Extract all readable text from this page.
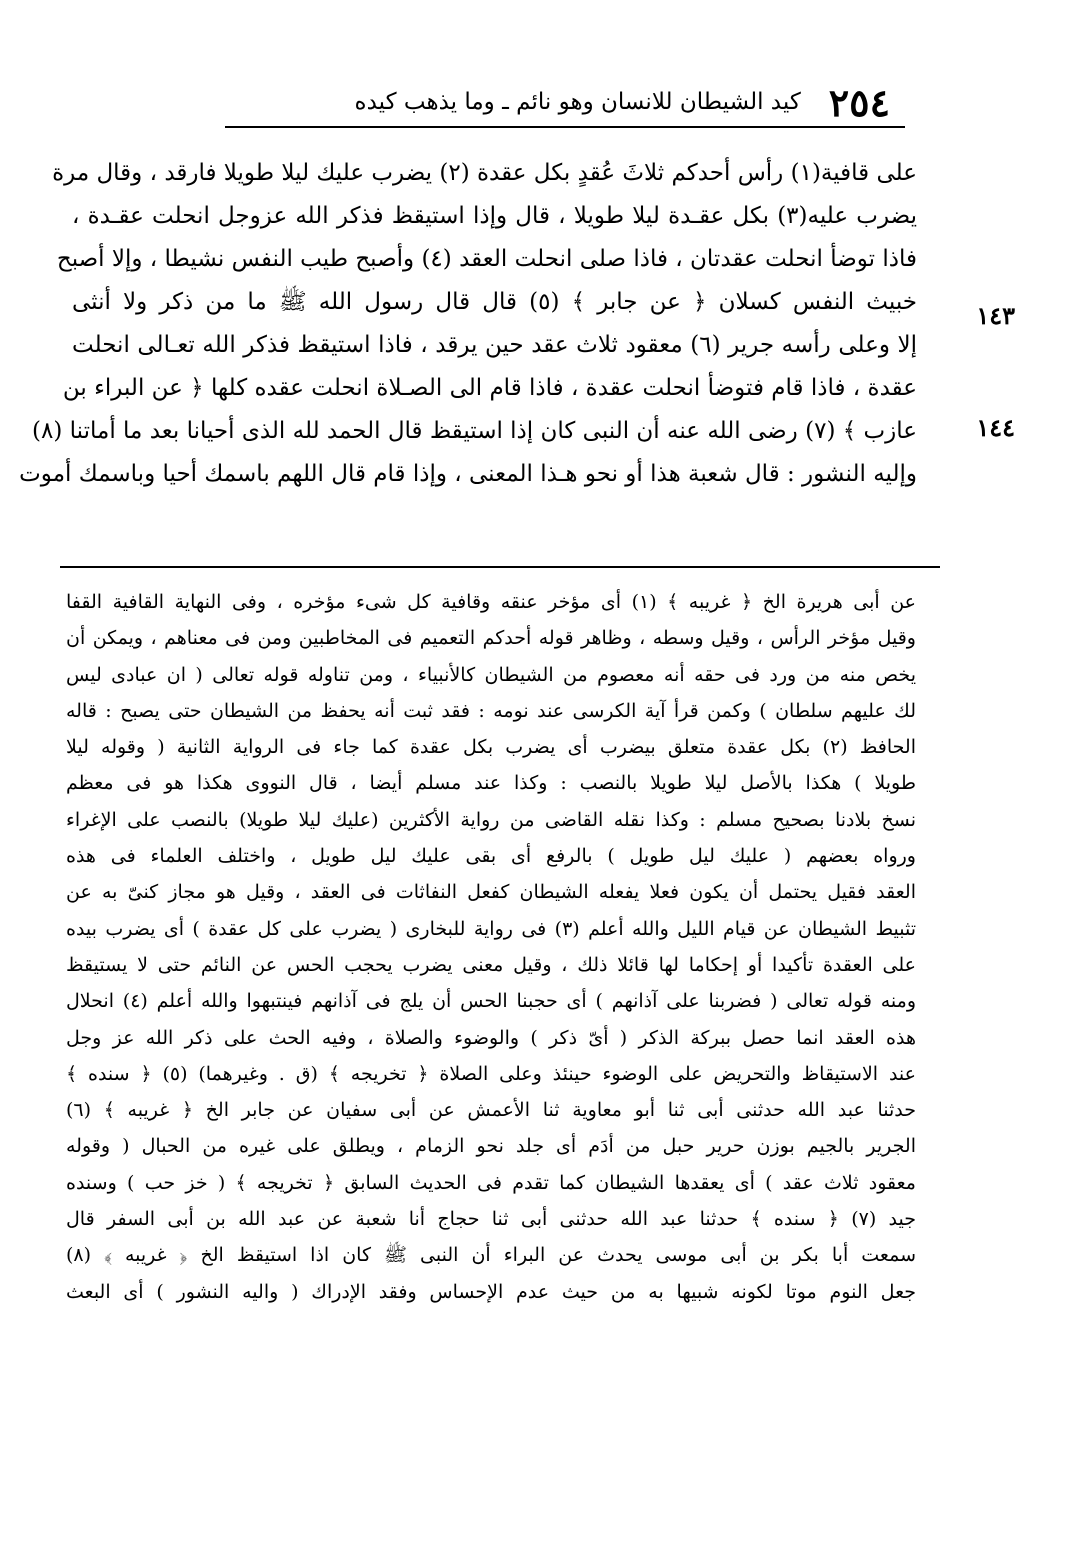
٢٥٤
كيد الشيطان للانسان وهو نائم ـ وما يذهب كيده
١٤٣
١٤٤
على قافية(١) رأس أحدكم ثلاثَ عُقدٍ بكل عقدة (٢) يضرب عليك ليلا طويلا فارقد ، وقال مرة
يضرب عليه(٣) بكل عقـدة ليلا طويلا ، قال وإذا استيقظ فذكر الله عزوجل انحلت عقـدة ،
فاذا توضأ انحلت عقدتان ، فاذا صلى انحلت العقد (٤) وأصبح طيب النفس نشيطا ، وإلا أصبح
خبيث النفس كسلان ﴿ عن جابر ﴾ (٥) قال قال رسول الله ﷺ ما من ذكر ولا أنثى
إلا وعلى رأسه جرير (٦) معقود ثلاث عقد حين يرقد ، فاذا استيقظ فذكر الله تعـالى انحلت
عقدة ، فاذا قام فتوضأ انحلت عقدة ، فاذا قام الى الصـلاة انحلت عقده كلها ﴿ عن البراء بن
عازب ﴾ (٧) رضى الله عنه أن النبى كان إذا استيقظ قال الحمد لله الذى أحيانا بعد ما أماتنا (٨)
وإليه النشور : قال شعبة هذا أو نحو هـذا المعنى ، وإذا قام قال اللهم باسمك أحيا وباسمك أموت
عن أبى هريرة الخ ﴿ غريبه ﴾ (١) أى مؤخر عنقه وقافية كل شىء مؤخره ، وفى النهاية القافية القفا
وقيل مؤخر الرأس ، وقيل وسطه ، وظاهر قوله أحدكم التعميم فى المخاطبين ومن فى معناهم ، ويمكن أن
يخص منه من ورد فى حقه أنه معصوم من الشيطان كالأنبياء ، ومن تناوله قوله تعالى ( ان عبادى ليس
لك عليهم سلطان ) وكمن قرأ آية الكرسى عند نومه : فقد ثبت أنه يحفظ من الشيطان حتى يصبح : قاله
الحافظ (٢) بكل عقدة متعلق بيضرب أى يضرب بكل عقدة كما جاء فى الرواية الثانية ( وقوله ليلا
طويلا ) هكذا بالأصل ليلا طويلا بالنصب : وكذا عند مسلم أيضا ، قال النووى هكذا هو فى معظم
نسخ بلادنا بصحيح مسلم : وكذا نقله القاضى من رواية الأكثرين (عليك ليلا طويلا) بالنصب على الإغراء
ورواه بعضهم ( عليك ليل طويل ) بالرفع أى بقى عليك ليل طويل ، واختلف العلماء فى هذه
العقد فقيل يحتمل أن يكون فعلا يفعله الشيطان كفعل النفاثات فى العقد ، وقيل هو مجاز كنىّ به عن
تثبيط الشيطان عن قيام الليل والله أعلم (٣) فى رواية للبخارى ( يضرب على كل عقدة ) أى يضرب بيده
على العقدة تأكيدا أو إحكاما لها قائلا ذلك ، وقيل معنى يضرب يحجب الحس عن النائم حتى لا يستيقظ
ومنه قوله تعالى ( فضربنا على آذانهم ) أى حجبنا الحس أن يلج فى آذانهم فينتبهوا والله أعلم (٤) انحلال
هذه العقد انما حصل ببركة الذكر ( أىّ ذكر ) والوضوء والصلاة ، وفيه الحث على ذكر الله عز وجل
عند الاستيقاظ والتحريض على الوضوء حينئذ وعلى الصلاة ﴿ تخريجه ﴾ (ق . وغيرهما) (٥) ﴿ سنده ﴾
حدثنا عبد الله حدثنى أبى ثنا أبو معاوية ثنا الأعمش عن أبى سفيان عن جابر الخ ﴿ غريبه ﴾ (٦)
الجرير بالجيم بوزن حرير حبل من أدَم أى جلد نحو الزمام ، ويطلق على غيره من الحبال ( وقوله
معقود ثلاث عقد ) أى يعقدها الشيطان كما تقدم فى الحديث السابق ﴿ تخريجه ﴾ ( خز حب ) وسنده
جيد (٧) ﴿ سنده ﴾ حدثنا عبد الله حدثنى أبى ثنا حجاج أنا شعبة عن عبد الله بن أبى السفر قال
سمعت أبا بكر بن أبى موسى يحدث عن البراء أن النبى ﷺ كان اذا استيقظ الخ ﴿ غريبه ﴾ (٨)
جعل النوم موتا لكونه شبيها به من حيث عدم الإحساس وفقد الإدراك ( واليه النشور ) أى البعث
